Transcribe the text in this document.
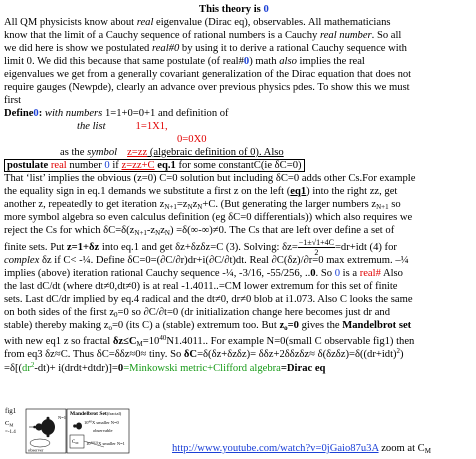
This theory is 0
All QM physicists know about real eigenvalue (Dirac eq), observables. All mathematicians
know that the limit of a Cauchy sequence of rational numbers is a Cauchy real number. So all
we did here is show we postulated real#0 by using it to derive a rational Cauchy sequence with
limit 0. We did this because that same postulate (of real#0) math also implies the real
eigenvalues we get from a generally covariant generalization of the Dirac equation that does not
require gauges (Newpde), clearly an advance over previous physics pdes. To show this we must
first
Define0: with numbers 1=1+0=0+1 and definition of
the list	1=1X1,
0=0X0
as the symbol z=zz (algebraic definition of 0). Also
postulate real number 0 if z=zz+C eq.1 for some constantC(ie δC=0)
That ‘list’ implies the obvious (z=0) C=0 solution but including δC=0 adds other Cs.For example
the equality sign in eq.1 demands we substitute a first z on the left (eq1) into the right zz, get
another z, repeatedly to get iteration $z_{N+1}=z_Nz_N+C$. (But generating the larger numbers $z_{N+1}$ so
more symbol algebra so even calculus definition (eg δC=0 differentials)) which also requires we
reject the Cs for which $\delta C=\delta(z_{N+1}-z_Nz_N) =\delta(\infty-\infty)\ne 0$. The Cs that are left over define a set of
finite sets. Put z=1+δz into eq.1 and get δz+δzδz=C (3). Solving: $\delta z= \frac{-1\pm√1+4C}{2} =dr+idt$ (4) for
complex δz if C< -¼. Define δC=0=(∂C/∂r)dr+i(∂C/∂t)dt. Real ∂C(δz)/∂r=0 max extremum. –¼
implies (above) iteration rational Cauchy sequence -¼, -3/16, -55/256, ..0. So 0 is a real# Also
the last dC/dt (where dt≠0,dt≠0) is at real -1.4011..=CM lower extremum for this set of finite
sets. Last dC/dr implied by eq.4 radical and the dt≠0, dr≠0 blob at i1.073. Also C looks the same
on both sides of the first $z_0=0$ so ∂C/∂t=0 (dr initialization change here becomes just dr and
stable) thereby making $z_o=0$ (its C) a (stable) extremum too. But $z_o=0$ gives the Mandelbrot set
with new eq1 z so fractal $\delta z\le C_M=10^{40}N1.4011$.. For example N=0(small C observable fig1) then
from eq3 δz≈C. Thus δC=δδz≈0≈ tiny. So $\delta C=\delta(\delta z+\delta z\delta z)= \delta\delta z+2\delta\delta z\delta z\approx \delta(\delta z\delta z)=\delta((dr+idt)^2)$
$=\delta[(dr^2-dt)+$ i(drdt+dtdr)]=0=Minkowski metric+Clifford algebra=Dirac eq
fig1
$C_M$
=-1.4
N=1
observer
Mandelbrot Set(fractal)
$10^{40}X$ smaller N=0
observable
$C_M$ $10^{40(2)}X$ smaller N=1	http://www.youtube.com/watch?v=0jGaio87u3A zoom at $C_M$
